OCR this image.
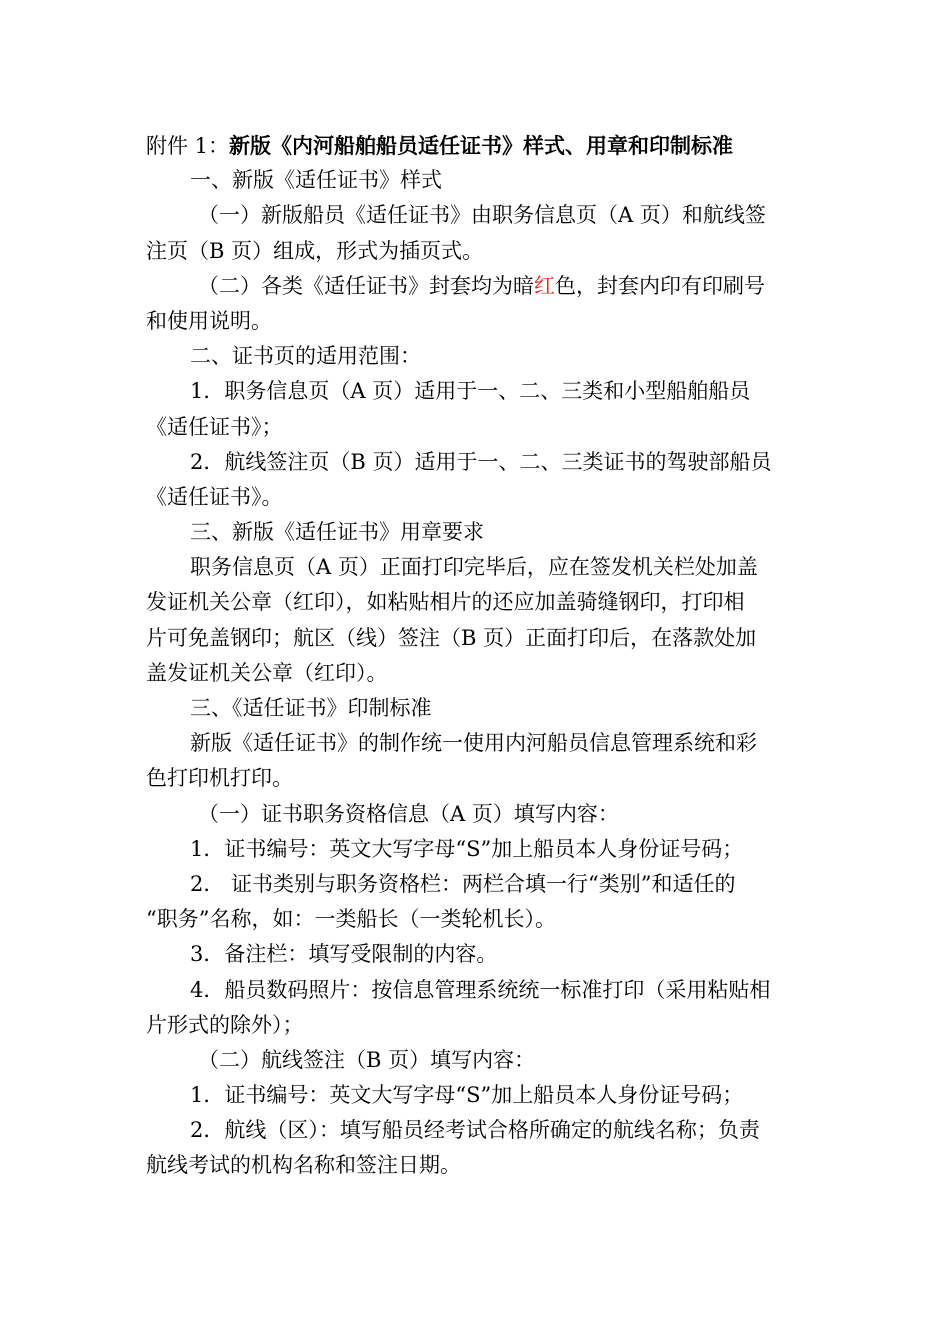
附件 1：新版《内河船舶船员适任证书》样式、用章和印制标准
一、新版《适任证书》样式
（一）新版船员《适任证书》由职务信息页（A 页）和航线签
注页（B 页）组成，形式为插页式。
（二）各类《适任证书》封套均为暗红色，封套内印有印刷号
和使用说明。
二、证书页的适用范围：
1．职务信息页（A 页）适用于一、二、三类和小型船舶船员
《适任证书》；
2．航线签注页（B 页）适用于一、二、三类证书的驾驶部船员
《适任证书》。
三、新版《适任证书》用章要求
职务信息页（A 页）正面打印完毕后，应在签发机关栏处加盖
发证机关公章（红印），如粘贴相片的还应加盖骑缝钢印，打印相
片可免盖钢印；航区（线）签注（B 页）正面打印后，在落款处加
盖发证机关公章（红印）。
三、《适任证书》印制标准
新版《适任证书》的制作统一使用内河船员信息管理系统和彩
色打印机打印。
（一）证书职务资格信息（A 页）填写内容：
1．证书编号：英文大写字母“S”加上船员本人身份证号码；
2． 证书类别与职务资格栏：两栏合填一行“类别”和适任的
“职务”名称，如：一类船长（一类轮机长）。
3．备注栏：填写受限制的内容。
4．船员数码照片：按信息管理系统统一标准打印（采用粘贴相
片形式的除外）；
（二）航线签注（B 页）填写内容：
1．证书编号：英文大写字母“S”加上船员本人身份证号码；
2．航线（区）：填写船员经考试合格所确定的航线名称；负责
航线考试的机构名称和签注日期。
